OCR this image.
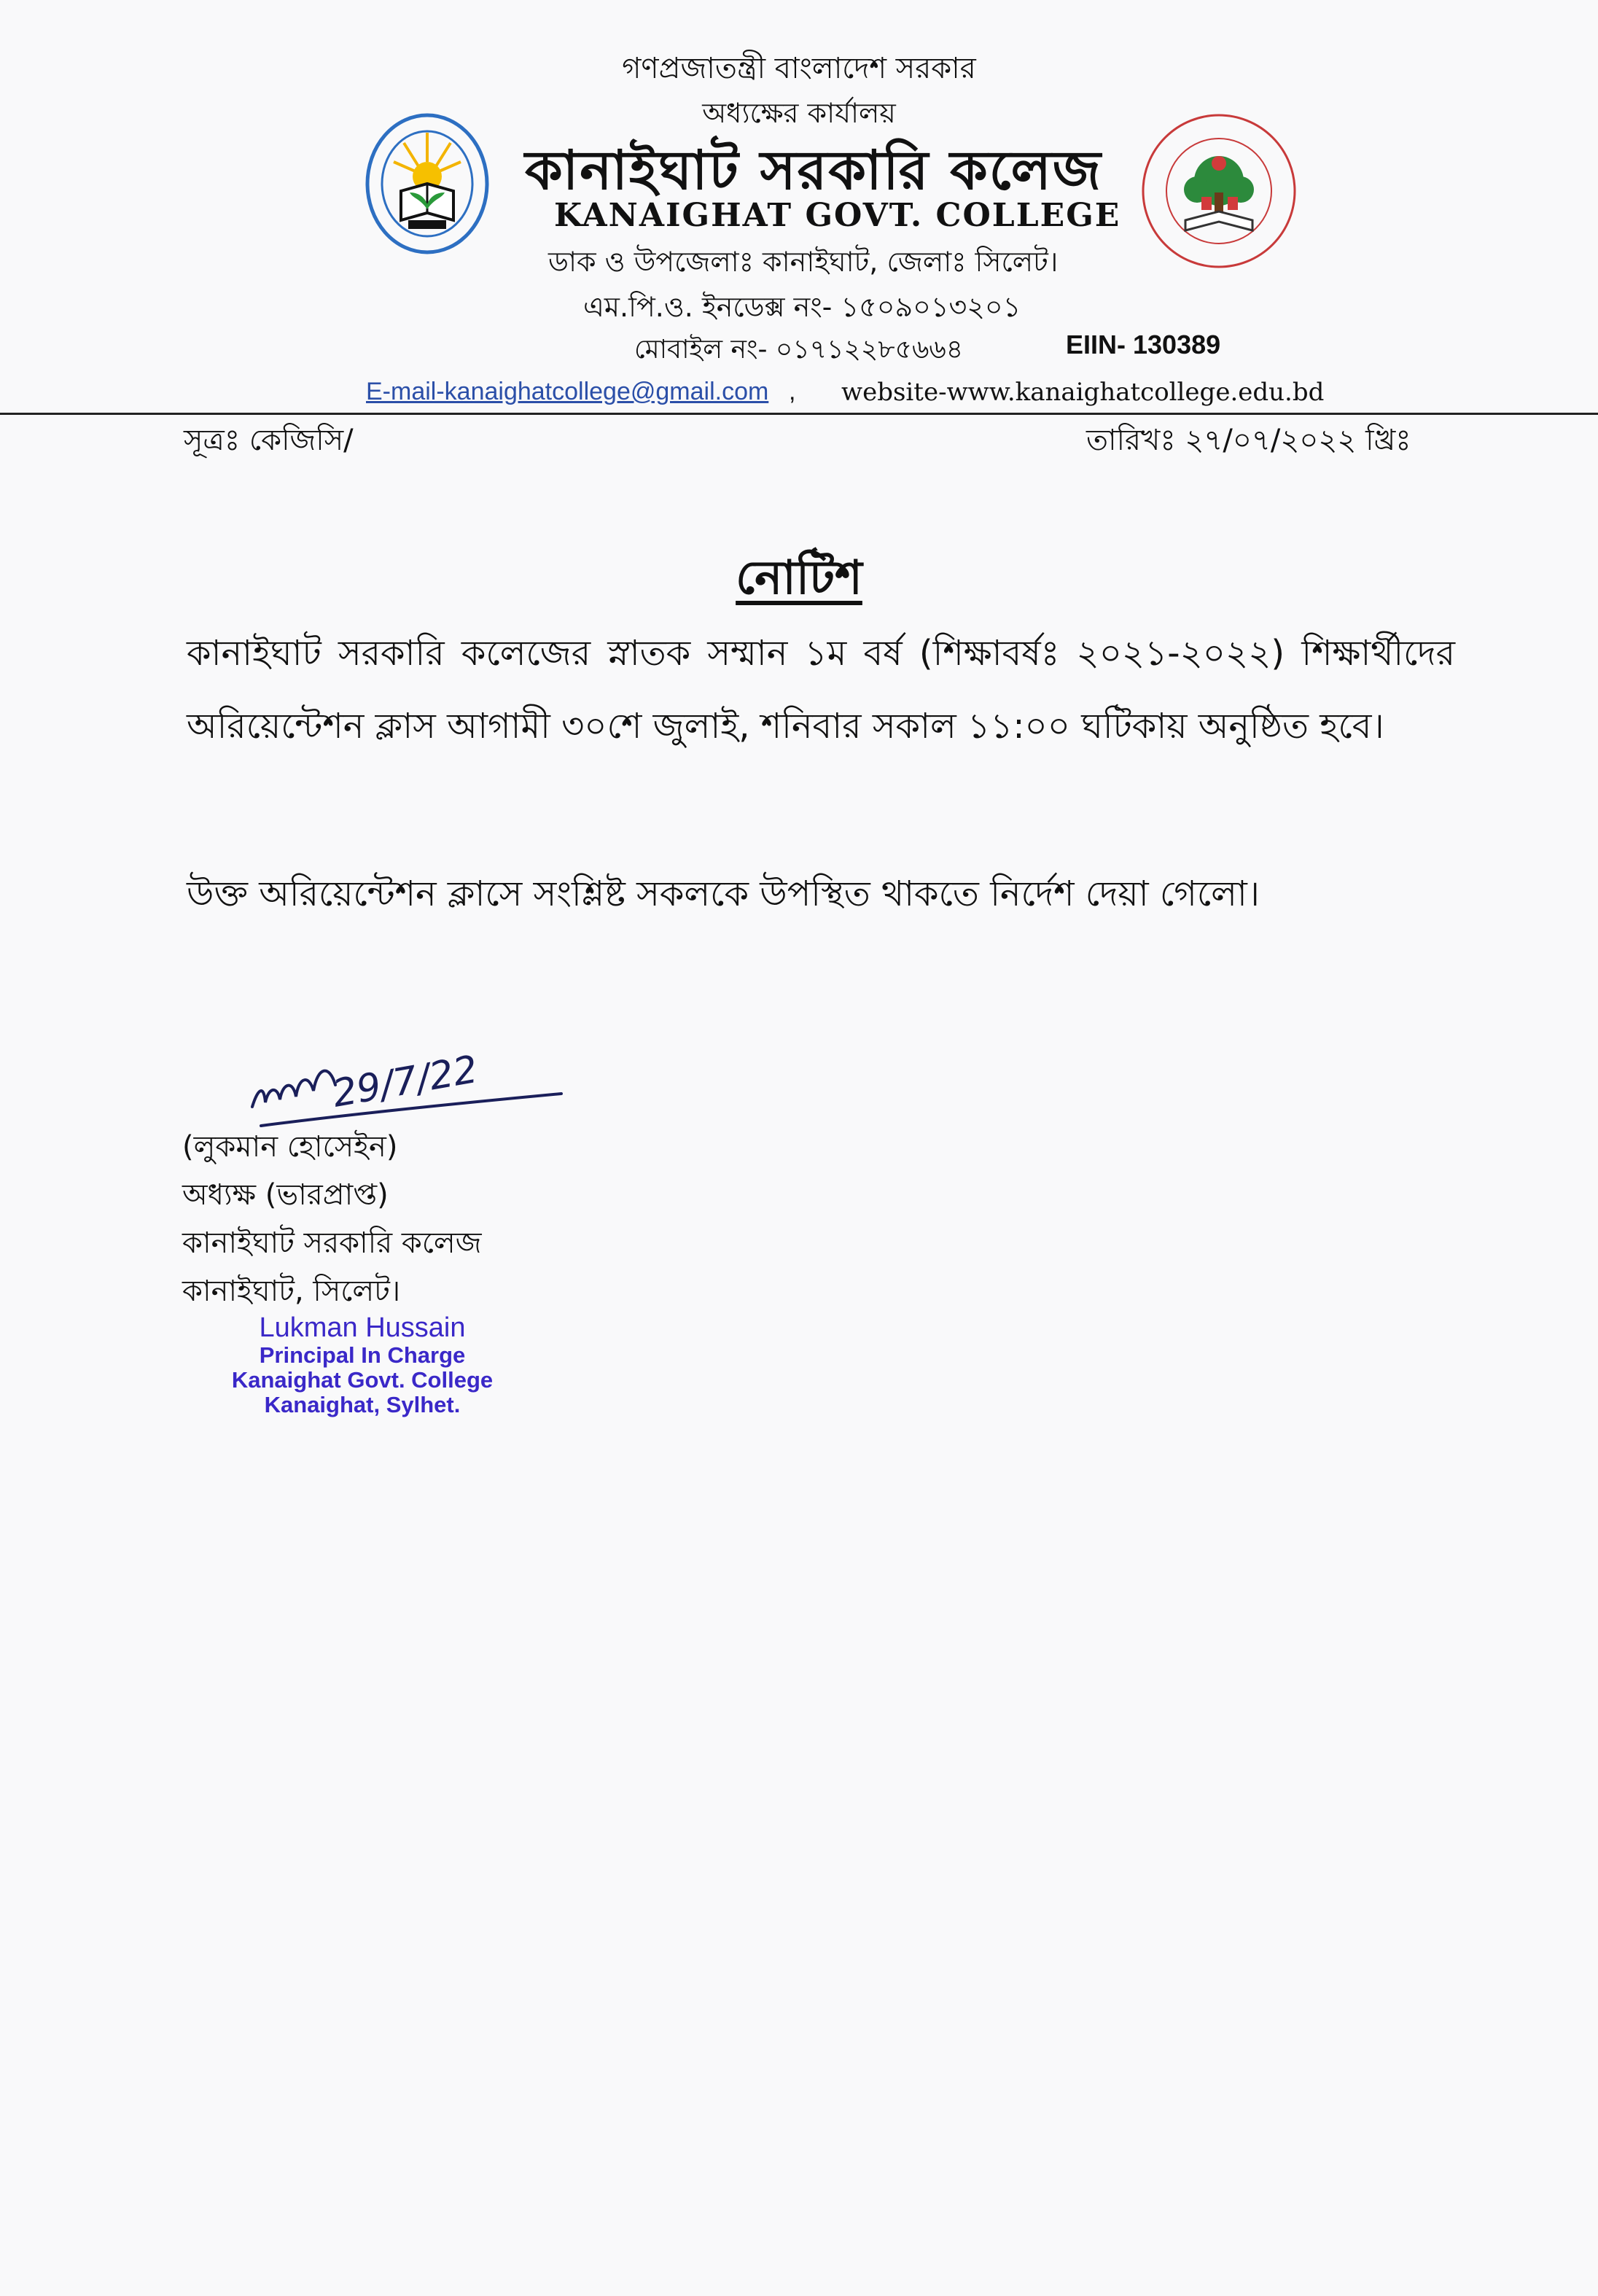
গণপ্রজাতন্ত্রী বাংলাদেশ সরকার
অধ্যক্ষের কার্যালয়
কানাইঘাট সরকারি কলেজ
KANAIGHAT GOVT. COLLEGE
ডাক ও উপজেলাঃ কানাইঘাট, জেলাঃ সিলেট।
এম.পি.ও. ইনডেক্স নং- ১৫০৯০১৩২০১
মোবাইল নং- ০১৭১২২৮৫৬৬৪	EIIN- 130389
E-mail-kanaighatcollege@gmail.com , website-www.kanaighatcollege.edu.bd
সূত্রঃ কেজিসি/	তারিখঃ ২৭/০৭/২০২২ খ্রিঃ
নোটিশ
কানাইঘাট সরকারি কলেজের স্নাতক সম্মান ১ম বর্ষ (শিক্ষাবর্ষঃ ২০২১-২০২২) শিক্ষার্থীদের অরিয়েন্টেশন ক্লাস আগামী ৩০শে জুলাই, শনিবার সকাল ১১:০০ ঘটিকায় অনুষ্ঠিত হবে।
উক্ত অরিয়েন্টেশন ক্লাসে সংশ্লিষ্ট সকলকে উপস্থিত থাকতে নির্দেশ দেয়া গেলো।
29/7/22
(লুকমান হোসেইন)
অধ্যক্ষ (ভারপ্রাপ্ত)
কানাইঘাট সরকারি কলেজ
কানাইঘাট, সিলেট।
Lukman Hussain
Principal In Charge
Kanaighat Govt. College
Kanaighat, Sylhet.
